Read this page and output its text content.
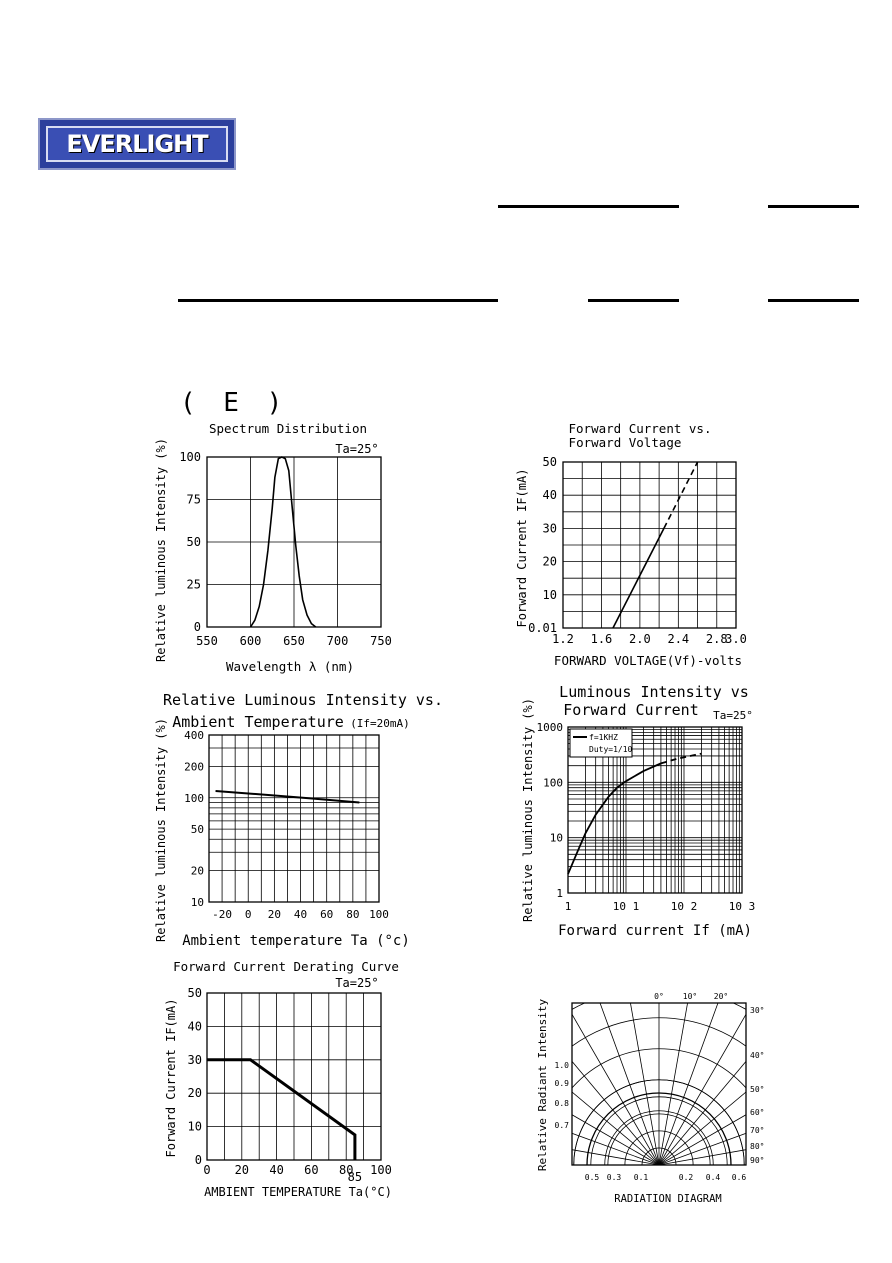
EVERLIGHT
( E )
550 600 650 700 750
0
25
50
75
100
Spectrum Distribution
Ta=25°
Wavelength λ (nm)
Relative luminous Intensity (%)	1.2 1.6 2.0 2.4 2.8
3.0
0.01
10
20
30
40
50
Forward Current vs.
Forward Voltage
FORWARD VOLTAGE(Vf)-volts
Forward Current IF(mA)
-20 0 20 40 60 80 100
10
20
50
100
200
400
Relative Luminous Intensity vs.
Ambient Temperature (If=20mA)
Ambient temperature Ta (°c)
Relative luminous Intensity (%)	f=1KHZ
Duty=1/10
1	10 1	10 2	10 3
1
10
100
1000
Luminous Intensity vs
Forward Current Ta=25°
Forward current If (mA)
Relative luminous Intensity (%)
0 20 40 60 80 100
85
0
10
20
30
40
50
Forward Current Derating Curve
Ta=25°
AMBIENT TEMPERATURE Ta(°C)
Forward Current IF(mA)
0° 10° 20°
30°
40°
50°
60°
70°
80°
90°
1.0
0.9
0.8
0.7
0.5 0.3 0.1	0.2 0.4 0.6
RADIATION DIAGRAM
Relative Radiant Intensity
